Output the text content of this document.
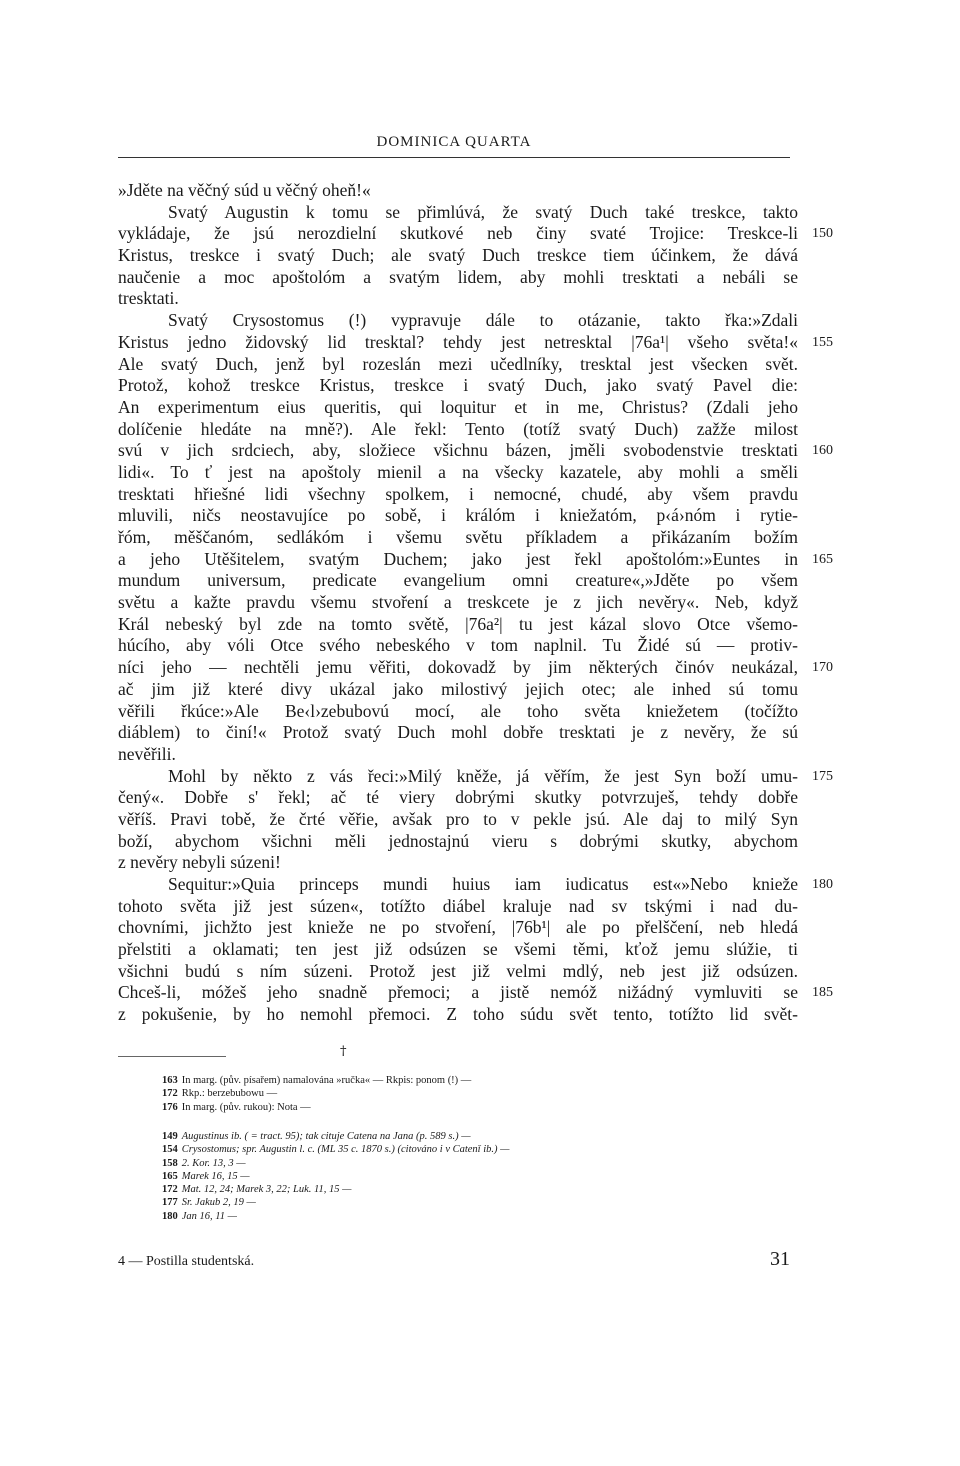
DOMINICA QUARTA
»Jděte na věčný súd u věčný oheň!«
Svatý Augustin k tomu se přimlúvá, že svatý Duch také treskce, takto
vykládaje, že jsú nerozdielní skutkové neb činy svaté Trojice: Treskce-li 150
Kristus, treskce i svatý Duch; ale svatý Duch treskce tiem účinkem, že dává
naučenie a moc apoštolóm a svatým lidem, aby mohli tresktati a nebáli se
tresktati.
Svatý Crysostomus (!) vypravuje dále to otázanie, takto řka:»Zdali
Kristus jedno židovský lid tresktal? tehdy jest netresktal |76a¹| všeho světa!« 155
Ale svatý Duch, jenž byl rozeslán mezi učedlníky, tresktal jest všecken svět.
Protož, kohož treskce Kristus, treskce i svatý Duch, jako svatý Pavel die:
An experimentum eius queritis, qui loquitur et in me, Christus? (Zdali jeho
dolíčenie hledáte na mně?). Ale řekl: Tento (totíž svatý Duch) zažže milost
svú v jich srdciech, aby, složiece všichnu bázen, jměli svobodenstvie tresktati 160
lidi«. To ť jest na apoštoly mienil a na všecky kazatele, aby mohli a směli
tresktati hřiešné lidi všechny spolkem, i nemocné, chudé, aby všem pravdu
mluvili, ničs neostavujíce po sobě, i králóm i kniežatóm, p‹á›nóm i rytie-
řóm, měščanóm, sedlákóm i všemu světu příkladem a přikázaním božím
a jeho Utěšitelem, svatým Duchem; jako jest řekl apoštolóm:»Euntes in 165
mundum universum, predicate evangelium omni creature«,»Jděte po všem
světu a kažte pravdu všemu stvoření a treskcete je z jich nevěry«. Neb, když
Král nebeský byl zde na tomto světě, |76a²| tu jest kázal slovo Otce všemo-
húcího, aby vóli Otce svého nebeského v tom naplnil. Tu Židé sú — protiv-
níci jeho — nechtěli jemu věřiti, dokovadž by jim některých činóv neukázal, 170
ač jim již které divy ukázal jako milostivý jejich otec; ale inhed sú tomu
věřili řkúce:»Ale Be‹l›zebubovú mocí, ale toho světa kniežetem (točížto
diáblem) to činí!« Protož svatý Duch mohl dobře tresktati je z nevěry, že sú
nevěřili.
Mohl by někto z vás řeci:»Milý kněže, já věřím, že jest Syn boží umu- 175
čený«. Dobře s' řekl; ač té viery dobrými skutky potvrzuješ, tehdy dobře
věříš. Pravi tobě, že črté věřie, avšak pro to v pekle jsú. Ale daj to milý Syn
boží, abychom všichni měli jednostajnú vieru s dobrými skutky, abychom
z nevěry nebyli súzeni!
Sequitur:»Quia princeps mundi huius iam iudicatus est«»Nebo knieže 180
tohoto světa již jest súzen«, totížto diábel kraluje nad sv tskými i nad du-
chovními, jichžto jest knieže ne po stvoření, |76b¹| ale po přelščení, neb hledá
přelstiti a oklamati; ten jest již odsúzen se všemi těmi, kťož jemu slúžie, ti
všichni budú s ním súzeni. Protož jest již velmi mdlý, neb jest již odsúzen.
Chceš-li, móžeš jeho snadně přemoci; a jistě nemóž nižádný vymluviti se 185
z pokušenie, by ho nemohl přemoci. Z toho súdu svět tento, totížto lid svět-
†
163 In marg. (pův. písařem) namalována »ručka« — Rkpis: ponom (!) —
172 Rkp.: berzebubowu —
176 In marg. (pův. rukou): Nota —
149 Augustinus ib. ( = tract. 95); tak cituje Catena na Jana (p. 589 s.) —
154 Crysostomus; spr. Augustin l. c. (ML 35 c. 1870 s.) (citováno i v Catenǐ ib.) —
158 2. Kor. 13, 3 —
165 Marek 16, 15 —
172 Mat. 12, 24; Marek 3, 22; Luk. 11, 15 —
177 Sr. Jakub 2, 19 —
180 Jan 16, 11 —
4 — Postilla studentská.	31
